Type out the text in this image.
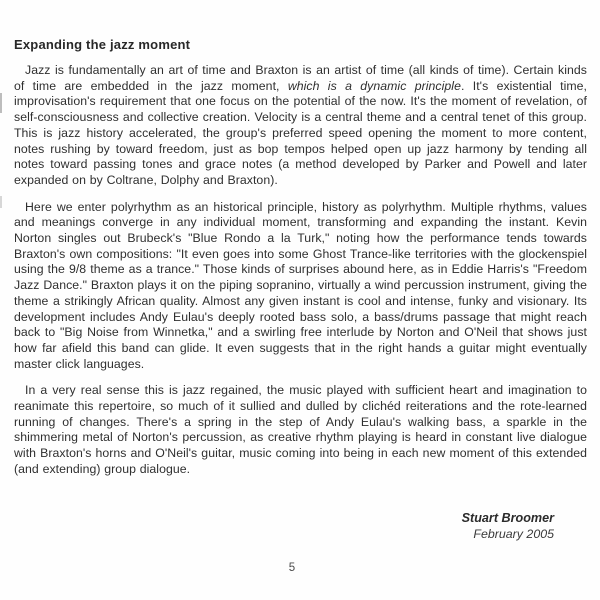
Expanding the jazz moment

Jazz is fundamentally an art of time and Braxton is an artist of time (all kinds of time). Certain kinds of time are embedded in the jazz moment, which is a dynamic principle. It's existential time, improvisation's requirement that one focus on the potential of the now. It's the moment of revelation, of self-consciousness and collective creation. Velocity is a central theme and a central tenet of this group. This is jazz history accelerated, the group's preferred speed opening the moment to more content, notes rushing by toward freedom, just as bop tempos helped open up jazz harmony by tending all notes toward passing tones and grace notes (a method developed by Parker and Powell and later expanded on by Coltrane, Dolphy and Braxton).

Here we enter polyrhythm as an historical principle, history as polyrhythm. Multiple rhythms, values and meanings converge in any individual moment, transforming and expanding the instant. Kevin Norton singles out Brubeck's "Blue Rondo a la Turk," noting how the performance tends towards Braxton's own compositions: "It even goes into some Ghost Trance-like territories with the glockenspiel using the 9/8 theme as a trance." Those kinds of surprises abound here, as in Eddie Harris's "Freedom Jazz Dance." Braxton plays it on the piping sopranino, virtually a wind percussion instrument, giving the theme a strikingly African quality. Almost any given instant is cool and intense, funky and visionary. Its development includes Andy Eulau's deeply rooted bass solo, a bass/drums passage that might reach back to "Big Noise from Winnetka," and a swirling free interlude by Norton and O'Neil that shows just how far afield this band can glide. It even suggests that in the right hands a guitar might eventually master click languages.

In a very real sense this is jazz regained, the music played with sufficient heart and imagination to reanimate this repertoire, so much of it sullied and dulled by clichéd reiterations and the rote-learned running of changes. There's a spring in the step of Andy Eulau's walking bass, a sparkle in the shimmering metal of Norton's percussion, as creative rhythm playing is heard in constant live dialogue with Braxton's horns and O'Neil's guitar, music coming into being in each new moment of this extended (and extending) group dialogue.

Stuart Broomer
February 2005
5
